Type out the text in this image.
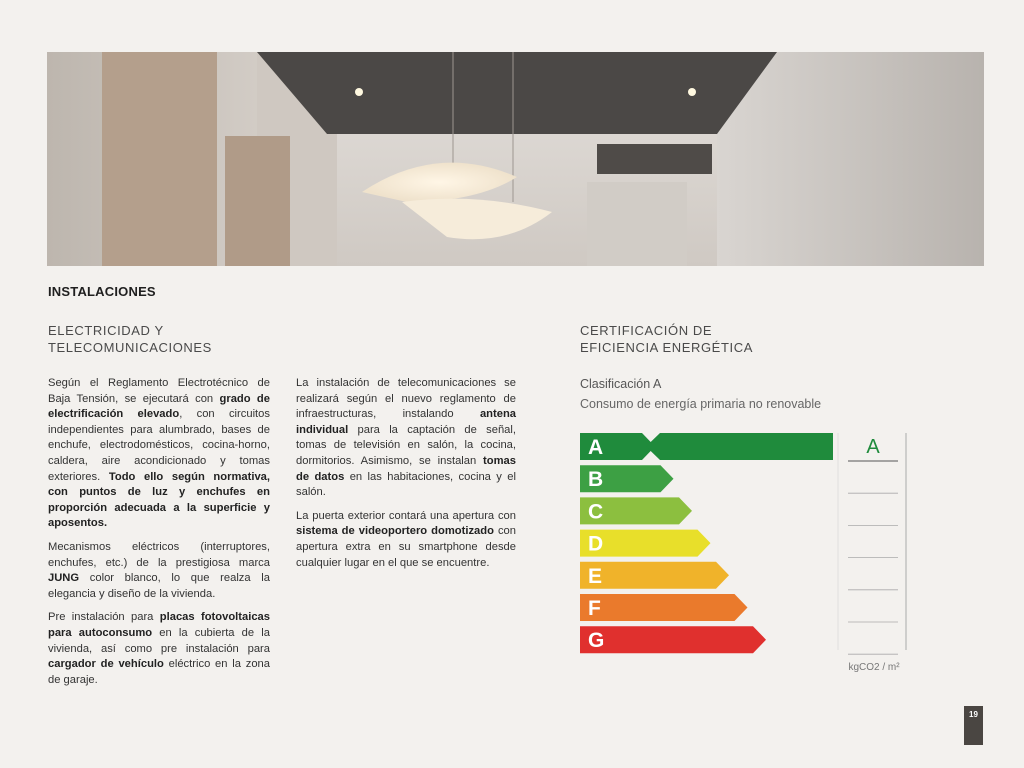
INSTALACIONES
ELECTRICIDAD Y
TELECOMUNICACIONES
CERTIFICACIÓN DE
EFICIENCIA ENERGÉTICA

Según el Reglamento Electrotécnico de Baja Tensión, se ejecutará con grado de electrificación elevado, con circuitos independientes para alumbrado, bases de enchufe, electrodomésticos, cocina-horno, caldera, aire acondicionado y tomas exteriores. Todo ello según normativa, con puntos de luz y enchufes en proporción adecuada a la superficie y aposentos.

Mecanismos eléctricos (interruptores, enchufes, etc.) de la prestigiosa marca JUNG color blanco, lo que realza la elegancia y diseño de la vivienda.

Pre instalación para placas fotovoltaicas para autoconsumo en la cubierta de la vivienda, así como pre instalación para cargador de vehículo eléctrico en la zona de garaje.

La instalación de telecomunicaciones se realizará según el nuevo reglamento de infraestructuras, instalando antena individual para la captación de señal, tomas de televisión en salón, la cocina, dormitorios. Asimismo, se instalan tomas de datos en las habitaciones, cocina y el salón.

La puerta exterior contará una apertura con sistema de videoportero domotizado con apertura extra en su smartphone desde cualquier lugar en el que se encuentre.

Clasificación A
Consumo de energía primaria no renovable
A
B
C
D
E
F
G
A
kgCO2 / m²
19
